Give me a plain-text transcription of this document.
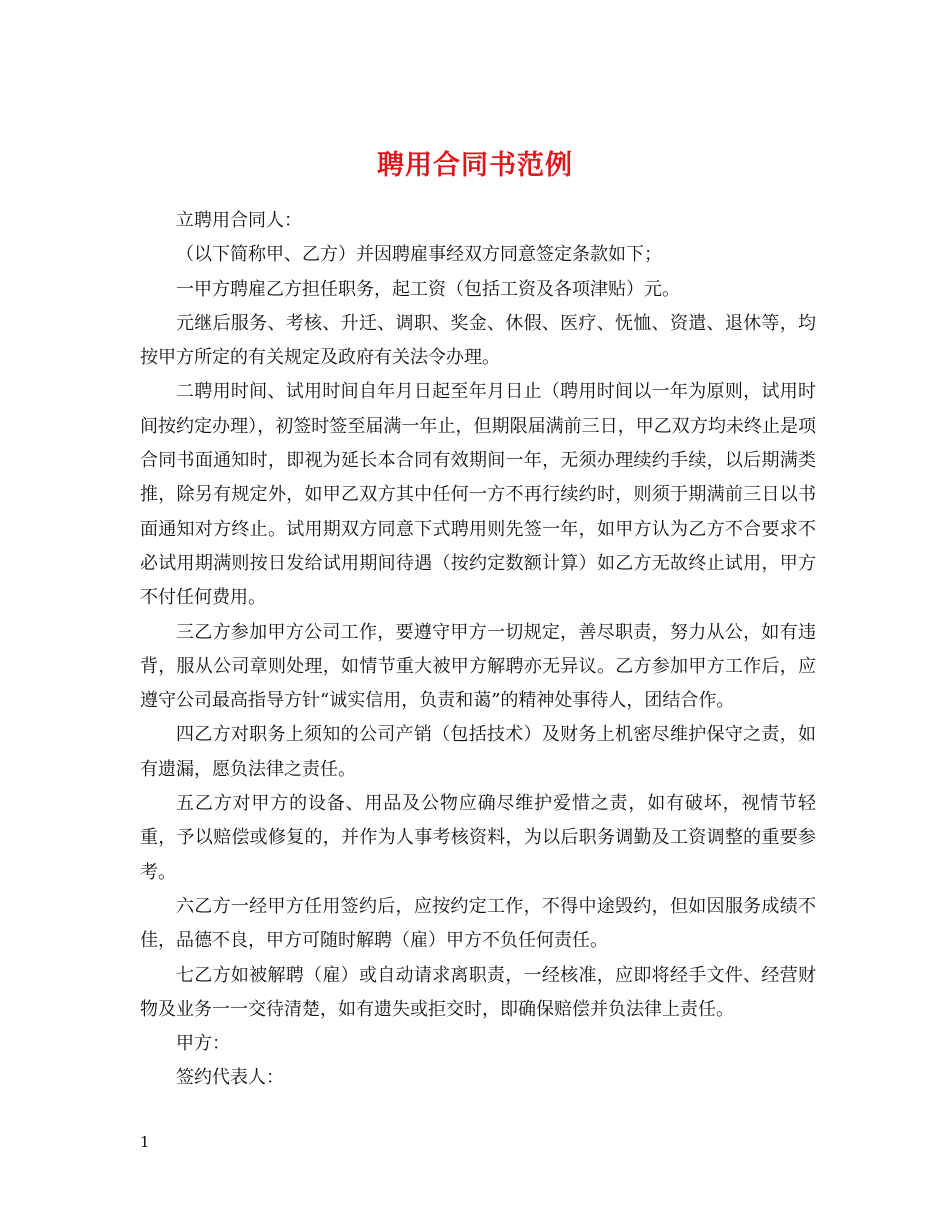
聘用合同书范例

立聘用合同人：

（以下简称甲、乙方）并因聘雇事经双方同意签定条款如下；

一甲方聘雇乙方担任职务，起工资（包括工资及各项津贴）元。

元继后服务、考核、升迁、调职、奖金、休假、医疗、怃恤、资遣、退休等，均按甲方所定的有关规定及政府有关法令办理。

二聘用时间、试用时间自年月日起至年月日止（聘用时间以一年为原则，试用时间按约定办理），初签时签至届满一年止，但期限届满前三日，甲乙双方均未终止是项合同书面通知时，即视为延长本合同有效期间一年，无须办理续约手续，以后期满类推，除另有规定外，如甲乙双方其中任何一方不再行续约时，则须于期满前三日以书面通知对方终止。试用期双方同意下式聘用则先签一年，如甲方认为乙方不合要求不必试用期满则按日发给试用期间待遇（按约定数额计算）如乙方无故终止试用，甲方不付任何费用。

三乙方参加甲方公司工作，要遵守甲方一切规定，善尽职责，努力从公，如有违背，服从公司章则处理，如情节重大被甲方解聘亦无异议。乙方参加甲方工作后，应遵守公司最高指导方针“诚实信用，负责和蔼”的精神处事待人，团结合作。

四乙方对职务上须知的公司产销（包括技术）及财务上机密尽维护保守之责，如有遗漏，愿负法律之责任。

五乙方对甲方的设备、用品及公物应确尽维护爱惜之责，如有破坏，视情节轻重，予以赔偿或修复的，并作为人事考核资料，为以后职务调勤及工资调整的重要参考。

六乙方一经甲方任用签约后，应按约定工作，不得中途毁约，但如因服务成绩不佳，品德不良，甲方可随时解聘（雇）甲方不负任何责任。

七乙方如被解聘（雇）或自动请求离职责，一经核准，应即将经手文件、经营财物及业务一一交待清楚，如有遗失或拒交时，即确保赔偿并负法律上责任。

甲方：

签约代表人：

1
